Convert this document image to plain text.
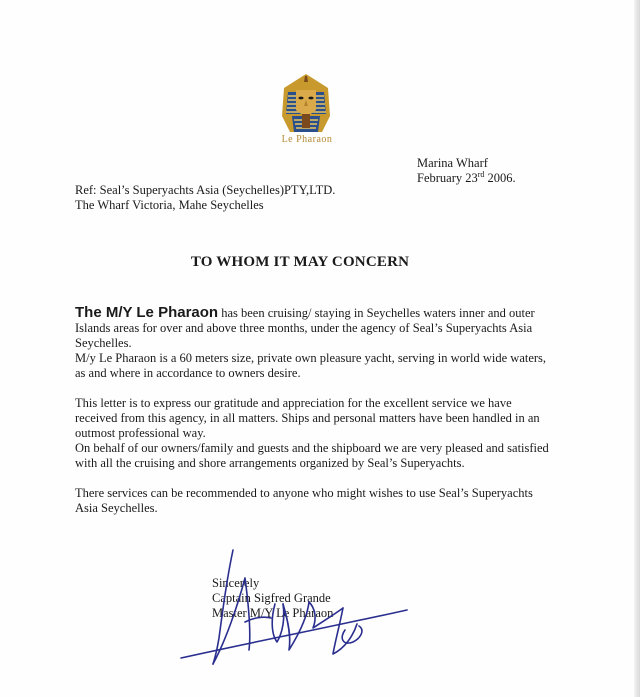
Le Pharaon
Marina Wharf
February 23rd 2006.
Ref: Seal’s Superyachts Asia (Seychelles)PTY,LTD.
The Wharf Victoria, Mahe Seychelles
TO WHOM IT MAY CONCERN

The M/Y Le Pharaon has been cruising/ staying in Seychelles waters inner and outer Islands areas for over and above three months, under the agency of Seal’s Superyachts Asia Seychelles.

M/y Le Pharaon is a 60 meters size, private own pleasure yacht, serving in world wide waters, as and where in accordance to owners desire.

This letter is to express our gratitude and appreciation for the excellent service we have received from this agency, in all matters. Ships and personal matters have been handled in an outmost professional way.

On behalf of our owners/family and guests and the shipboard we are very pleased and satisfied with all the cruising and shore arrangements organized by Seal’s Superyachts.

There services can be recommended to anyone who might wishes to use Seal’s Superyachts Asia Seychelles.

Sincerely
Captain Sigfred Grande
Master M/Y Le Pharaon
